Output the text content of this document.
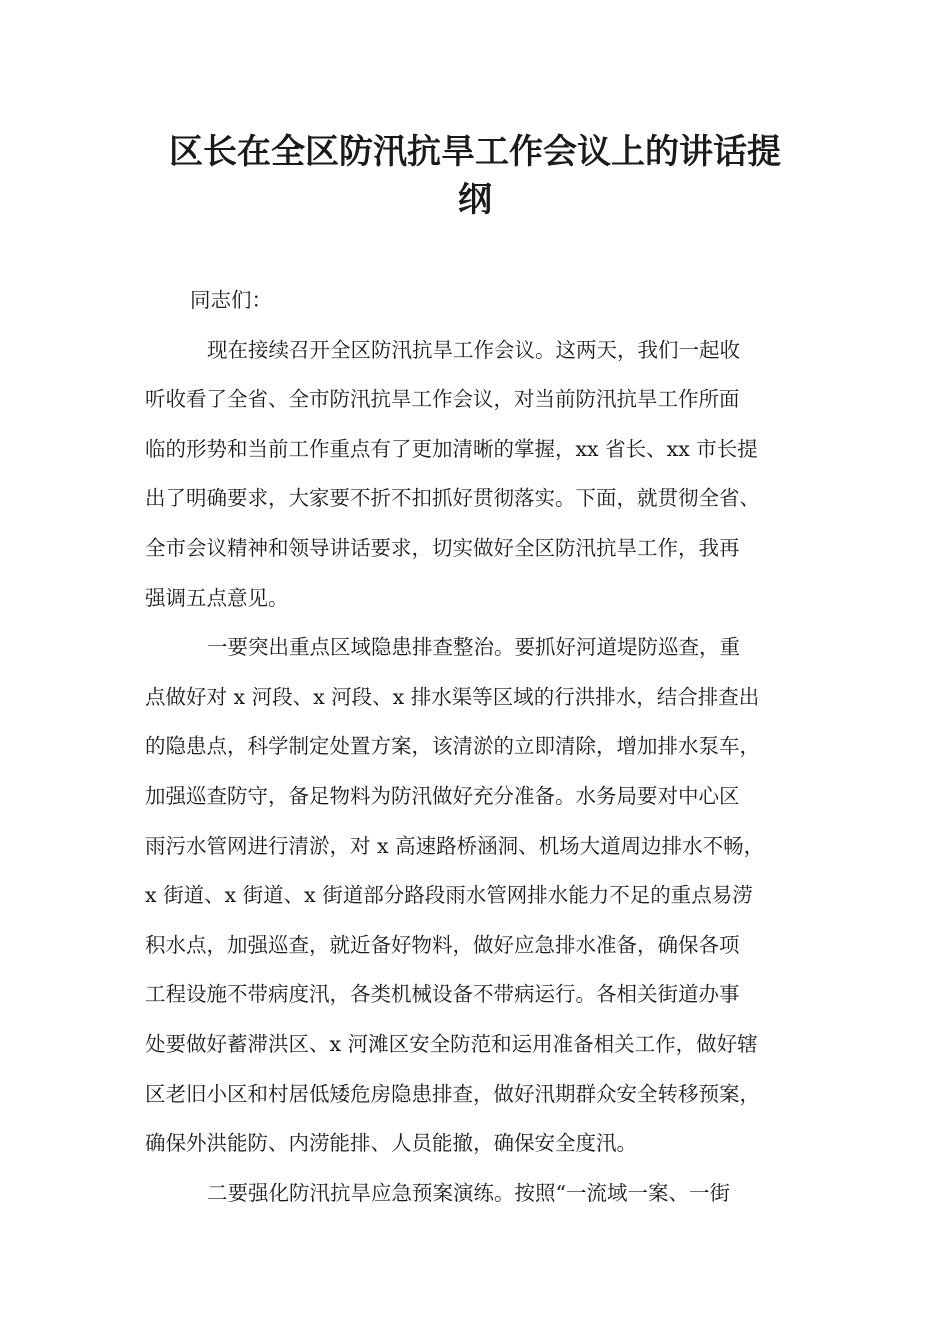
区长在全区防汛抗旱工作会议上的讲话提
纲
同志们：
现在接续召开全区防汛抗旱工作会议。这两天，我们一起收
听收看了全省、全市防汛抗旱工作会议，对当前防汛抗旱工作所面
临的形势和当前工作重点有了更加清晰的掌握，xx 省长、xx 市长提
出了明确要求，大家要不折不扣抓好贯彻落实。下面，就贯彻全省、
全市会议精神和领导讲话要求，切实做好全区防汛抗旱工作，我再
强调五点意见。
一要突出重点区域隐患排查整治。要抓好河道堤防巡查，重
点做好对 x 河段、x 河段、x 排水渠等区域的行洪排水，结合排查出
的隐患点，科学制定处置方案，该清淤的立即清除，增加排水泵车，
加强巡查防守，备足物料为防汛做好充分准备。水务局要对中心区
雨污水管网进行清淤，对 x 高速路桥涵洞、机场大道周边排水不畅，
x 街道、x 街道、x 街道部分路段雨水管网排水能力不足的重点易涝
积水点，加强巡查，就近备好物料，做好应急排水准备，确保各项
工程设施不带病度汛，各类机械设备不带病运行。各相关街道办事
处要做好蓄滞洪区、x 河滩区安全防范和运用准备相关工作，做好辖
区老旧小区和村居低矮危房隐患排查，做好汛期群众安全转移预案，
确保外洪能防、内涝能排、人员能撤，确保安全度汛。
二要强化防汛抗旱应急预案演练。按照“一流域一案、一街
